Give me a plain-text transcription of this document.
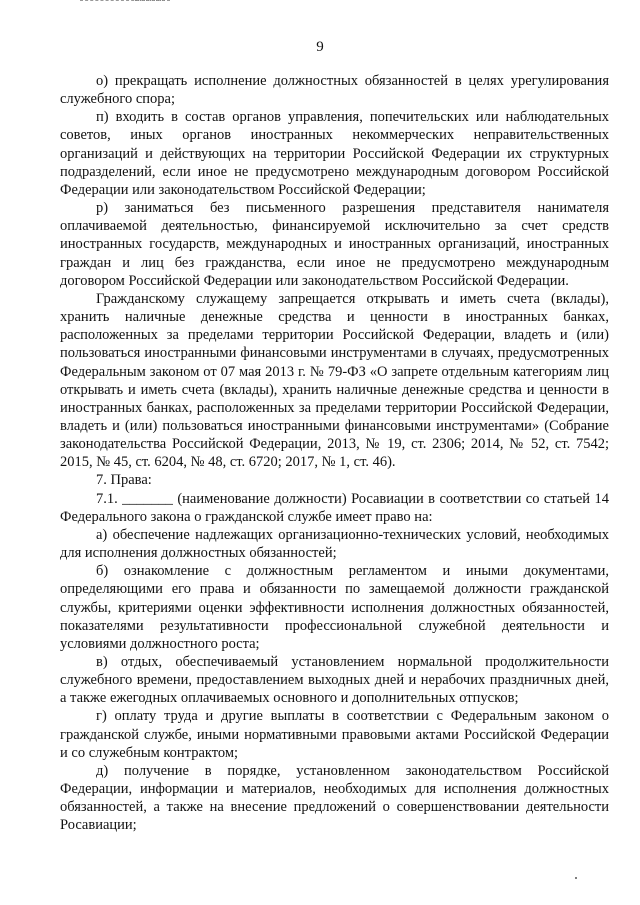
9

о) прекращать исполнение должностных обязанностей в целях урегулирования служебного спора;

п) входить в состав органов управления, попечительских или наблюдательных советов, иных органов иностранных некоммерческих неправительственных организаций и действующих на территории Российской Федерации их структурных подразделений, если иное не предусмотрено международным договором Российской Федерации или законодательством Российской Федерации;

р) заниматься без письменного разрешения представителя нанимателя оплачиваемой деятельностью, финансируемой исключительно за счет средств иностранных государств, международных и иностранных организаций, иностранных граждан и лиц без гражданства, если иное не предусмотрено международным договором Российской Федерации или законодательством Российской Федерации.

Гражданскому служащему запрещается открывать и иметь счета (вклады), хранить наличные денежные средства и ценности в иностранных банках, расположенных за пределами территории Российской Федерации, владеть и (или) пользоваться иностранными финансовыми инструментами в случаях, предусмотренных Федеральным законом от 07 мая 2013 г. № 79-ФЗ «О запрете отдельным категориям лиц открывать и иметь счета (вклады), хранить наличные денежные средства и ценности в иностранных банках, расположенных за пределами территории Российской Федерации, владеть и (или) пользоваться иностранными финансовыми инструментами» (Собрание законодательства Российской Федерации, 2013, № 19, ст. 2306; 2014, № 52, ст. 7542; 2015, № 45, ст. 6204, № 48, ст. 6720; 2017, № 1, ст. 46).

7. Права:

7.1. _______ (наименование должности) Росавиации в соответствии со статьей 14 Федерального закона о гражданской службе имеет право на:

а) обеспечение надлежащих организационно-технических условий, необходимых для исполнения должностных обязанностей;

б) ознакомление с должностным регламентом и иными документами, определяющими его права и обязанности по замещаемой должности гражданской службы, критериями оценки эффективности исполнения должностных обязанностей, показателями результативности профессиональной служебной деятельности и условиями должностного роста;

в) отдых, обеспечиваемый установлением нормальной продолжительности служебного времени, предоставлением выходных дней и нерабочих праздничных дней, а также ежегодных оплачиваемых основного и дополнительных отпусков;

г) оплату труда и другие выплаты в соответствии с Федеральным законом о гражданской службе, иными нормативными правовыми актами Российской Федерации и со служебным контрактом;

д) получение в порядке, установленном законодательством Российской Федерации, информации и материалов, необходимых для исполнения должностных обязанностей, а также на внесение предложений о совершенствовании деятельности Росавиации;
